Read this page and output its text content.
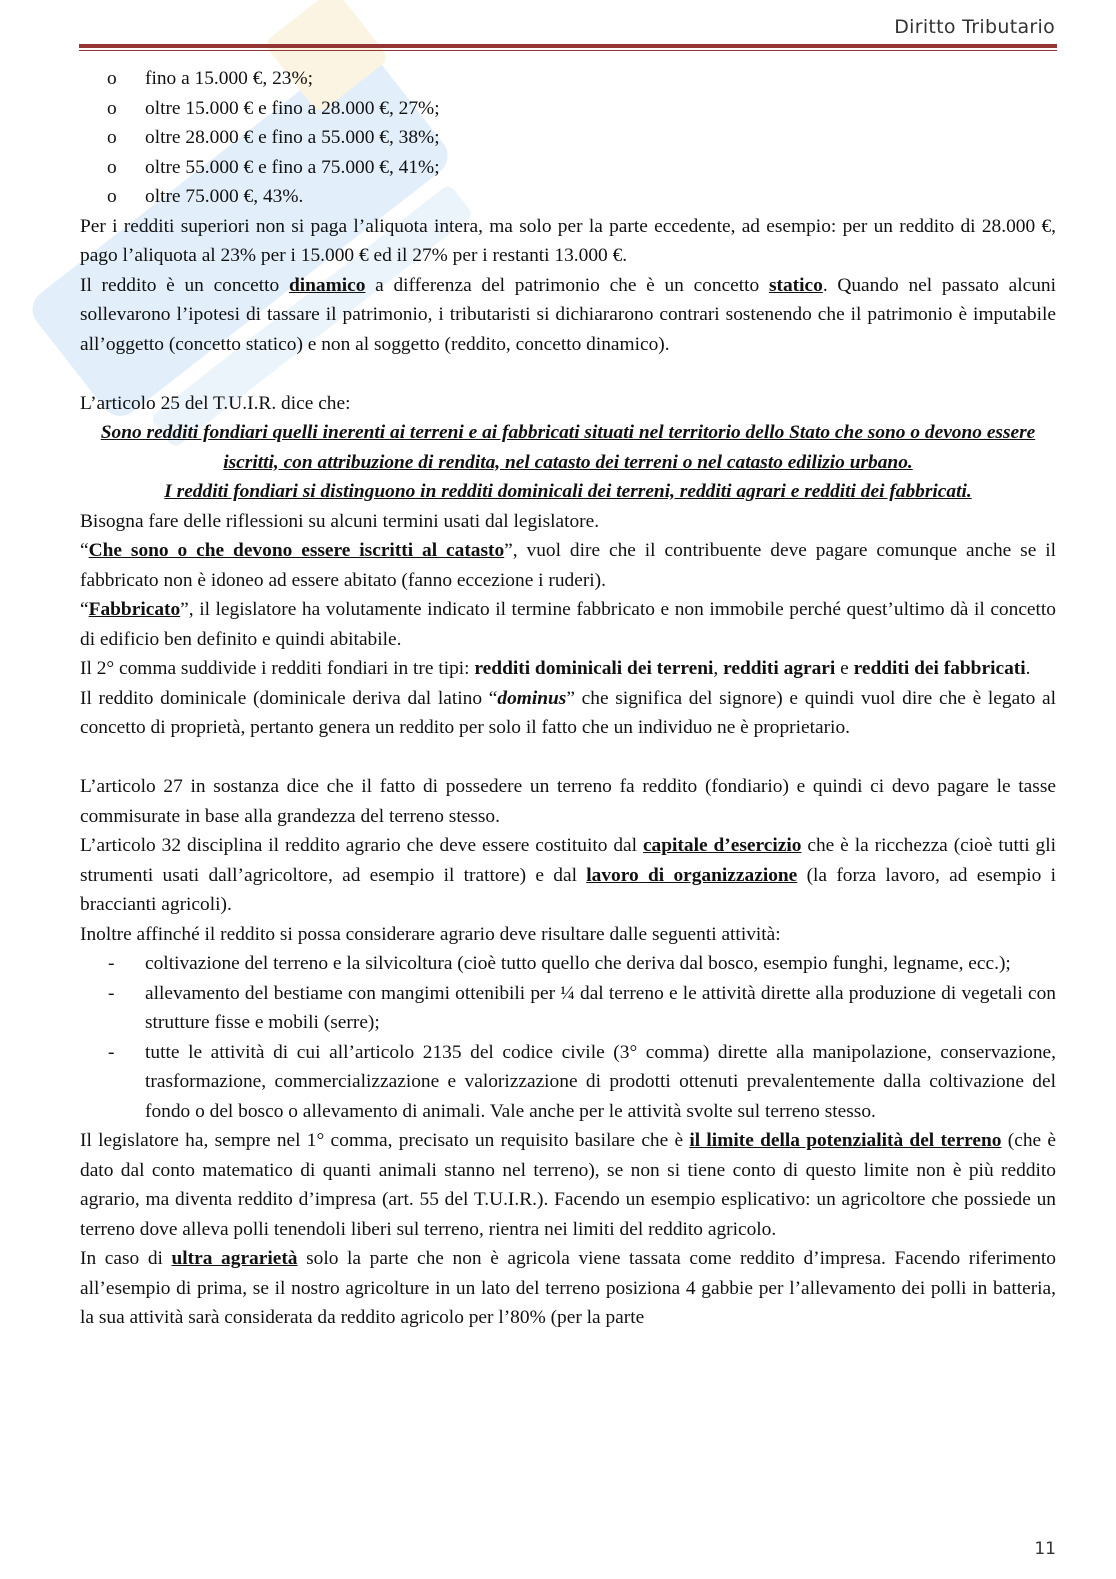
Diritto Tributario
o fino a 15.000 €, 23%;
o oltre 15.000 € e fino a 28.000 €, 27%;
o oltre 28.000 € e fino a 55.000 €, 38%;
o oltre 55.000 € e fino a 75.000 €, 41%;
o oltre 75.000 €, 43%.

Per i redditi superiori non si paga l’aliquota intera, ma solo per la parte eccedente, ad esempio: per un reddito di 28.000 €, pago l’aliquota al 23% per i 15.000 € ed il 27% per i restanti 13.000 €.

Il reddito è un concetto dinamico a differenza del patrimonio che è un concetto statico. Quando nel passato alcuni sollevarono l’ipotesi di tassare il patrimonio, i tributaristi si dichiararono contrari sostenendo che il patrimonio è imputabile all’oggetto (concetto statico) e non al soggetto (reddito, concetto dinamico).

L’articolo 25 del T.U.I.R. dice che:

Sono redditi fondiari quelli inerenti ai terreni e ai fabbricati situati nel territorio dello Stato che sono o devono essere iscritti, con attribuzione di rendita, nel catasto dei terreni o nel catasto edilizio urbano.

I redditi fondiari si distinguono in redditi dominicali dei terreni, redditi agrari e redditi dei fabbricati.

Bisogna fare delle riflessioni su alcuni termini usati dal legislatore.

“Che sono o che devono essere iscritti al catasto”, vuol dire che il contribuente deve pagare comunque anche se il fabbricato non è idoneo ad essere abitato (fanno eccezione i ruderi).

“Fabbricato”, il legislatore ha volutamente indicato il termine fabbricato e non immobile perché quest’ultimo dà il concetto di edificio ben definito e quindi abitabile.

Il 2° comma suddivide i redditi fondiari in tre tipi: redditi dominicali dei terreni, redditi agrari e redditi dei fabbricati.

Il reddito dominicale (dominicale deriva dal latino “dominus” che significa del signore) e quindi vuol dire che è legato al concetto di proprietà, pertanto genera un reddito per solo il fatto che un individuo ne è proprietario.

L’articolo 27 in sostanza dice che il fatto di possedere un terreno fa reddito (fondiario) e quindi ci devo pagare le tasse commisurate in base alla grandezza del terreno stesso.

L’articolo 32 disciplina il reddito agrario che deve essere costituito dal capitale d’esercizio che è la ricchezza (cioè tutti gli strumenti usati dall’agricoltore, ad esempio il trattore) e dal lavoro di organizzazione (la forza lavoro, ad esempio i braccianti agricoli).

Inoltre affinché il reddito si possa considerare agrario deve risultare dalle seguenti attività:

- coltivazione del terreno e la silvicoltura (cioè tutto quello che deriva dal bosco, esempio funghi, legname, ecc.);
- allevamento del bestiame con mangimi ottenibili per ¼ dal terreno e le attività dirette alla produzione di vegetali con strutture fisse e mobili (serre);
- tutte le attività di cui all’articolo 2135 del codice civile (3° comma) dirette alla manipolazione, conservazione, trasformazione, commercializzazione e valorizzazione di prodotti ottenuti prevalentemente dalla coltivazione del fondo o del bosco o allevamento di animali. Vale anche per le attività svolte sul terreno stesso.

Il legislatore ha, sempre nel 1° comma, precisato un requisito basilare che è il limite della potenzialità del terreno (che è dato dal conto matematico di quanti animali stanno nel terreno), se non si tiene conto di questo limite non è più reddito agrario, ma diventa reddito d’impresa (art. 55 del T.U.I.R.). Facendo un esempio esplicativo: un agricoltore che possiede un terreno dove alleva polli tenendoli liberi sul terreno, rientra nei limiti del reddito agricolo.

In caso di ultra agrarietà solo la parte che non è agricola viene tassata come reddito d’impresa. Facendo riferimento all’esempio di prima, se il nostro agricolture in un lato del terreno posiziona 4 gabbie per l’allevamento dei polli in batteria, la sua attività sarà considerata da reddito agricolo per l’80% (per la parte

11
